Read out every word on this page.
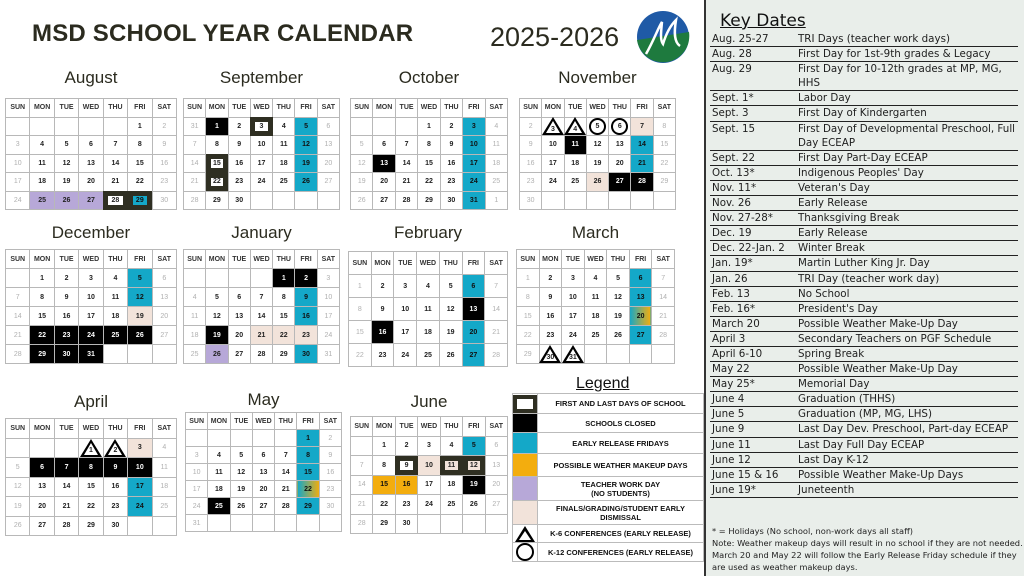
MSD SCHOOL YEAR CALENDAR	2025-2026
August
SUN	MON	TUE	WED	THU	FRI	SAT
					1	2
3	4	5	6	7	8	9
10	11	12	13	14	15	16
17	18	19	20	21	22	23
24	25	26	27	28	29	30
September
SUN	MON	TUE	WED	THU	FRI	SAT
31	1	2	3	4	5	6
7	8	9	10	11	12	13
14	15	16	17	18	19	20
21	22	23	24	25	26	27
28	29	30				
October
SUN	MON	TUE	WED	THU	FRI	SAT
			1	2	3	4
5	6	7	8	9	10	11
12	13	14	15	16	17	18
19	20	21	22	23	24	25
26	27	28	29	30	31	1
November
SUN	MON	TUE	WED	THU	FRI	SAT
2	3	4	5	6	7	8
9	10	11	12	13	14	15
16	17	18	19	20	21	22
23	24	25	26	27	28	29
30						
December
SUN	MON	TUE	WED	THU	FRI	SAT
	1	2	3	4	5	6
7	8	9	10	11	12	13
14	15	16	17	18	19	20
21	22	23	24	25	26	27
28	29	30	31			
January
SUN	MON	TUE	WED	THU	FRI	SAT
				1	2	3
4	5	6	7	8	9	10
11	12	13	14	15	16	17
18	19	20	21	22	23	24
25	26	27	28	29	30	31
February
SUN	MON	TUE	WED	THU	FRI	SAT
1	2	3	4	5	6	7
8	9	10	11	12	13	14
15	16	17	18	19	20	21
22	23	24	25	26	27	28
March
SUN	MON	TUE	WED	THU	FRI	SAT
1	2	3	4	5	6	7
8	9	10	11	12	13	14
15	16	17	18	19	20	21
22	23	24	25	26	27	28
29	30	31				
April
SUN	MON	TUE	WED	THU	FRI	SAT
			1	2	3	4
5	6	7	8	9	10	11
12	13	14	15	16	17	18
19	20	21	22	23	24	25
26	27	28	29	30		
May
SUN	MON	TUE	WED	THU	FRI	SAT
					1	2
3	4	5	6	7	8	9
10	11	12	13	14	15	16
17	18	19	20	21	22	23
24	25	26	27	28	29	30
31						
June
SUN	MON	TUE	WED	THU	FRI	SAT
	1	2	3	4	5	6
7	8	9	10	11	12	13
14	15	16	17	18	19	20
21	22	23	24	25	26	27
28	29	30				
Legend
	FIRST AND LAST DAYS OF SCHOOL
	SCHOOLS CLOSED
	EARLY RELEASE FRIDAYS
	POSSIBLE WEATHER MAKEUP DAYS
	TEACHER WORK DAY
(NO STUDENTS)
	FINALS/GRADING/STUDENT EARLY
DISMISSAL

	K-6 CONFERENCES (EARLY RELEASE)

	K-12 CONFERENCES (EARLY RELEASE)
Key Dates
Aug. 25-27	TRI Days (teacher work days)
Aug. 28	First Day for 1st-9th grades & Legacy
Aug. 29	First Day for 10-12th grades at MP, MG, HHS
Sept. 1*	Labor Day
Sept. 3	First Day of Kindergarten
Sept. 15	First Day of Developmental Preschool, Full Day ECEAP
Sept. 22	First Day Part-Day ECEAP
Oct. 13*	Indigenous Peoples' Day
Nov. 11*	Veteran's Day
Nov. 26	Early Release
Nov. 27-28*	Thanksgiving Break
Dec. 19	Early Release
Dec. 22-Jan. 2	Winter Break
Jan. 19*	Martin Luther King Jr. Day
Jan. 26	TRI Day (teacher work day)
Feb. 13	No School
Feb. 16*	President's Day
March 20	Possible Weather Make-Up Day
April 3	Secondary Teachers on PGF Schedule
April 6-10	Spring Break
May 22	Possible Weather Make-Up Day
May 25*	Memorial Day
June 4	Graduation (THHS)
June 5	Graduation (MP, MG, LHS)
June 9	Last Day Dev. Preschool, Part-day ECEAP
June 11	Last Day Full Day ECEAP
June 12	Last Day K-12
June 15 & 16	Possible Weather Make-Up Days
June 19*	Juneteenth
* = Holidays (No school, non-work days all staff)
Note: Weather makeup days will result in no school if they are not needed. March 20 and May 22 will follow the Early Release Friday schedule if they are used as weather makeup days.
